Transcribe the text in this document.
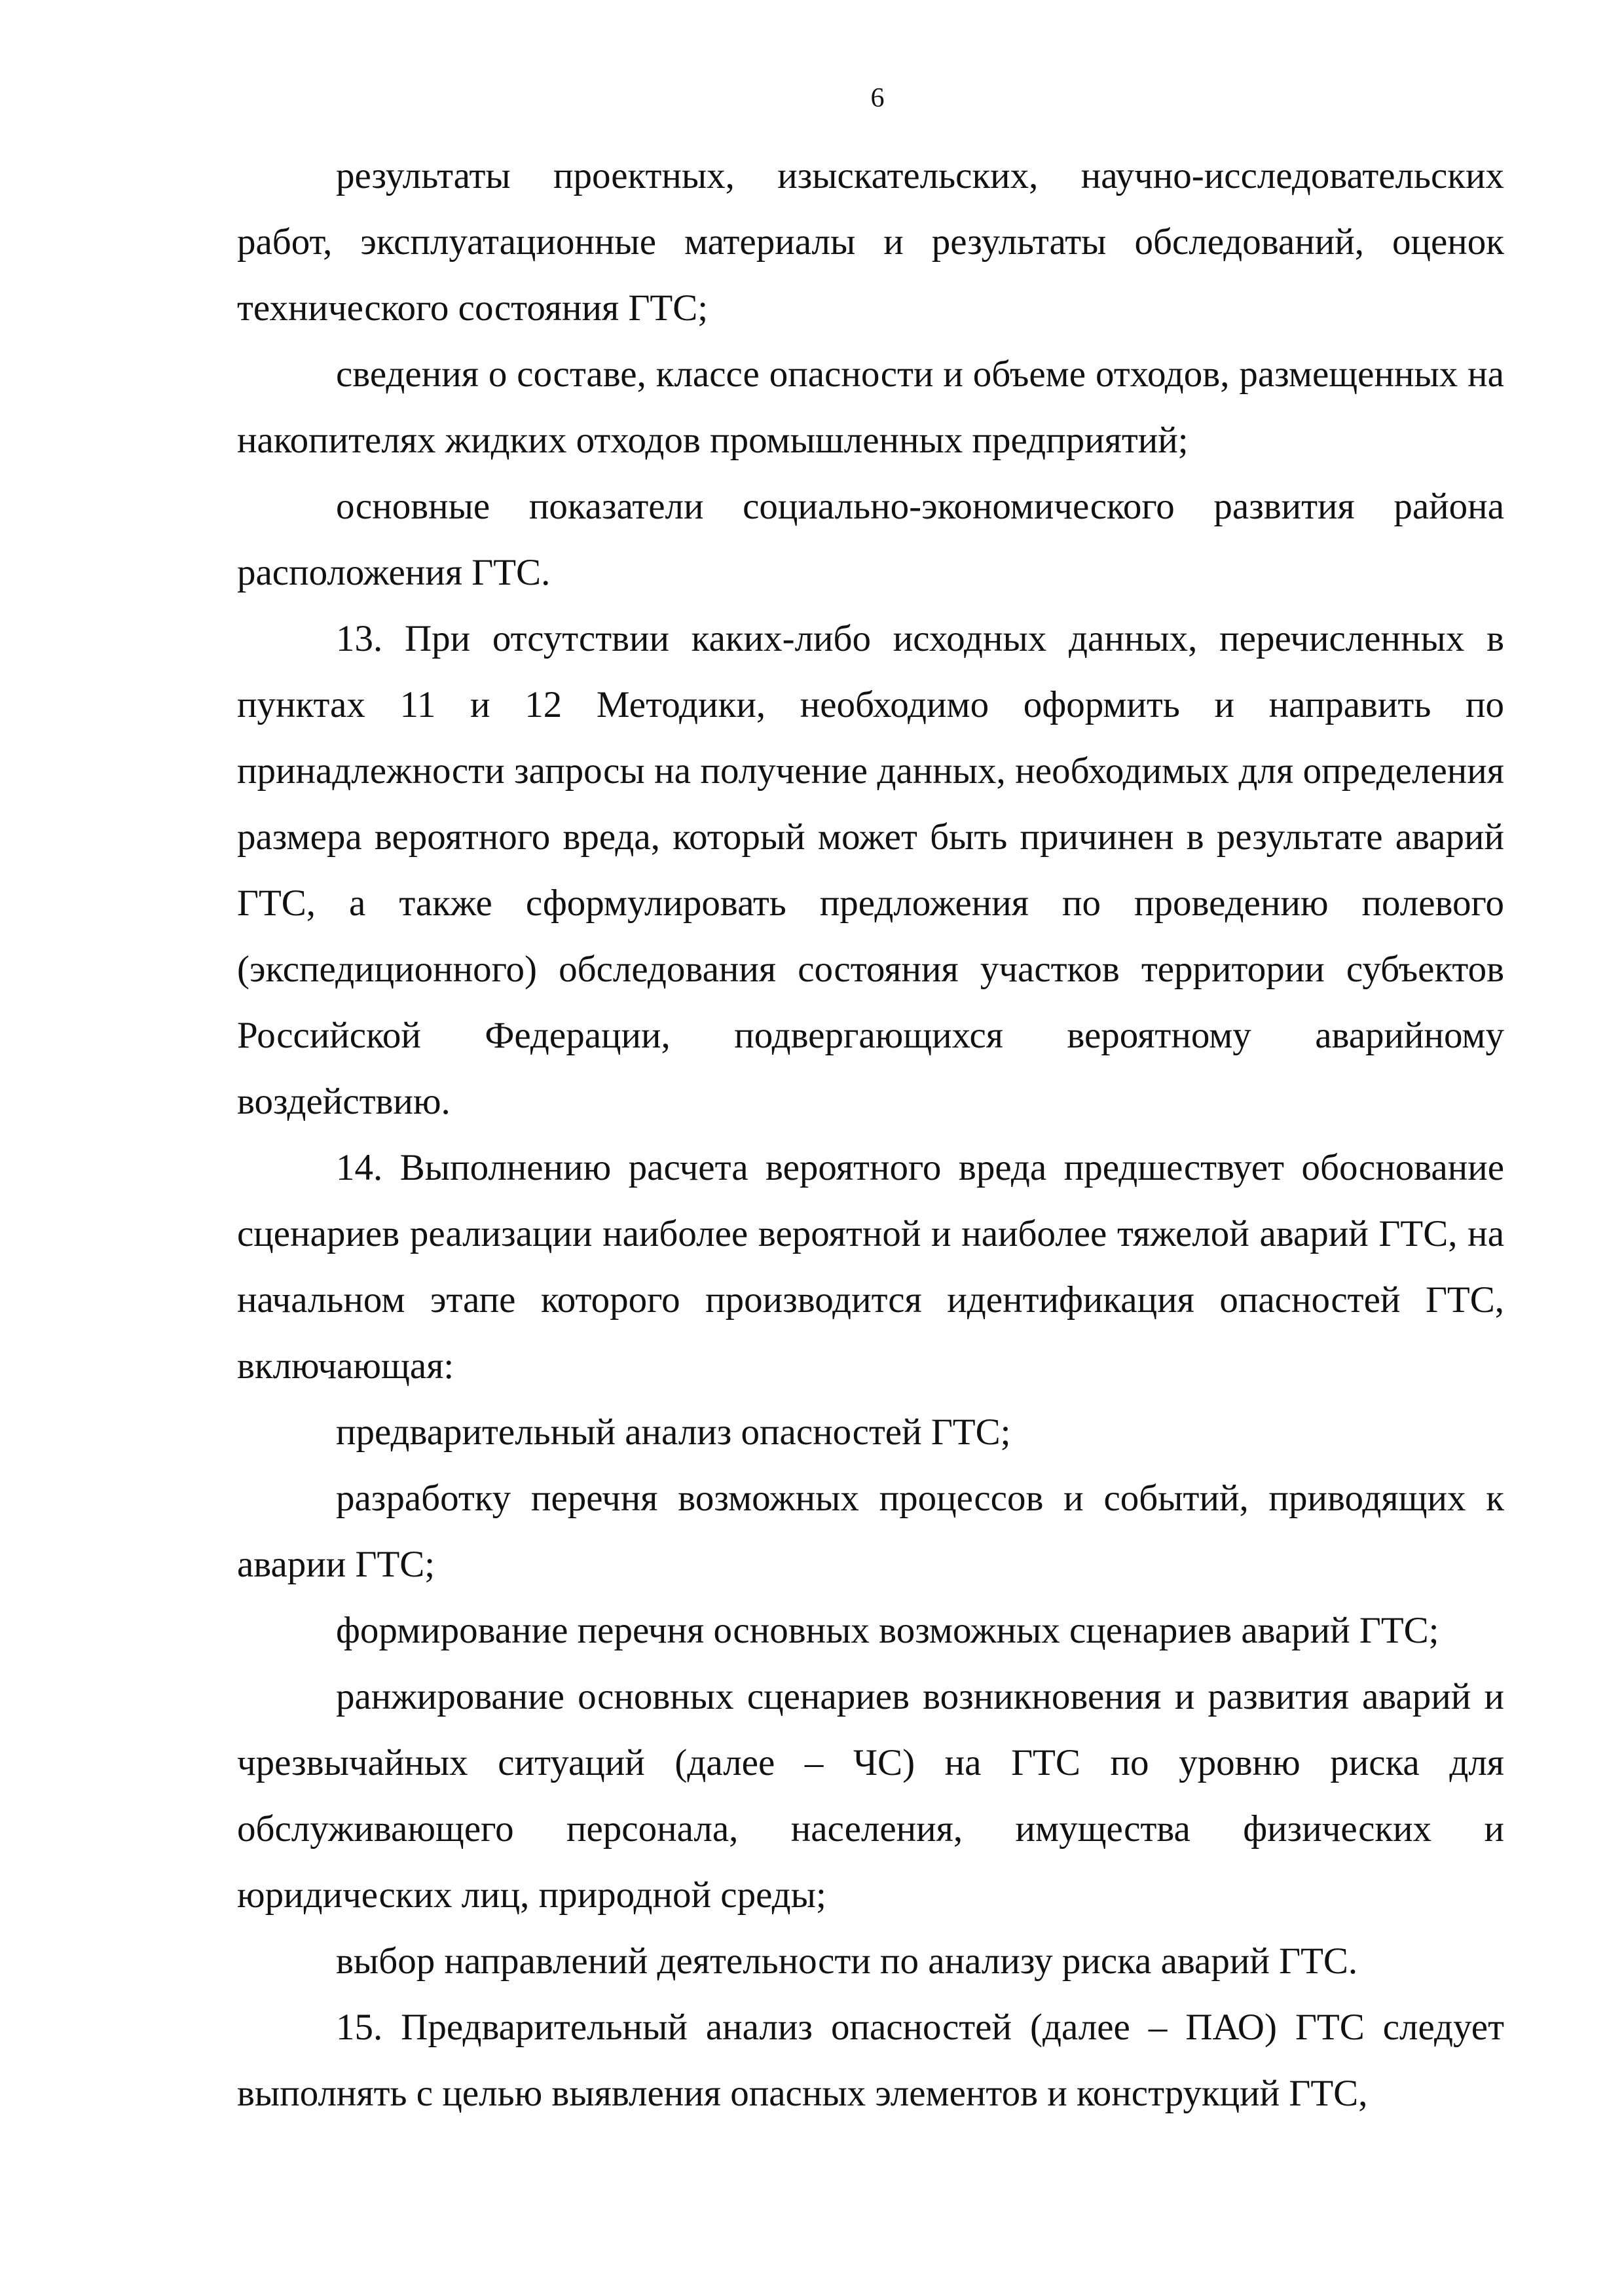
6

результаты проектных, изыскательских, научно-исследовательских работ, эксплуатационные материалы и результаты обследований, оценок технического состояния ГТС;

сведения о составе, классе опасности и объеме отходов, размещенных на накопителях жидких отходов промышленных предприятий;

основные показатели социально-экономического развития района расположения ГТС.

13. При отсутствии каких-либо исходных данных, перечисленных в пунктах 11 и 12 Методики, необходимо оформить и направить по принадлежности запросы на получение данных, необходимых для определения размера вероятного вреда, который может быть причинен в результате аварий ГТС, а также сформулировать предложения по проведению полевого (экспедиционного) обследования состояния участков территории субъектов Российской Федерации, подвергающихся вероятному аварийному воздействию.

14. Выполнению расчета вероятного вреда предшествует обоснование сценариев реализации наиболее вероятной и наиболее тяжелой аварий ГТС, на начальном этапе которого производится идентификация опасностей ГТС, включающая:

предварительный анализ опасностей ГТС;

разработку перечня возможных процессов и событий, приводящих к аварии ГТС;

формирование перечня основных возможных сценариев аварий ГТС;

ранжирование основных сценариев возникновения и развития аварий и чрезвычайных ситуаций (далее – ЧС) на ГТС по уровню риска для обслуживающего персонала, населения, имущества физических и юридических лиц, природной среды;

выбор направлений деятельности по анализу риска аварий ГТС.

15. Предварительный анализ опасностей (далее – ПАО) ГТС следует выполнять с целью выявления опасных элементов и конструкций ГТС,
